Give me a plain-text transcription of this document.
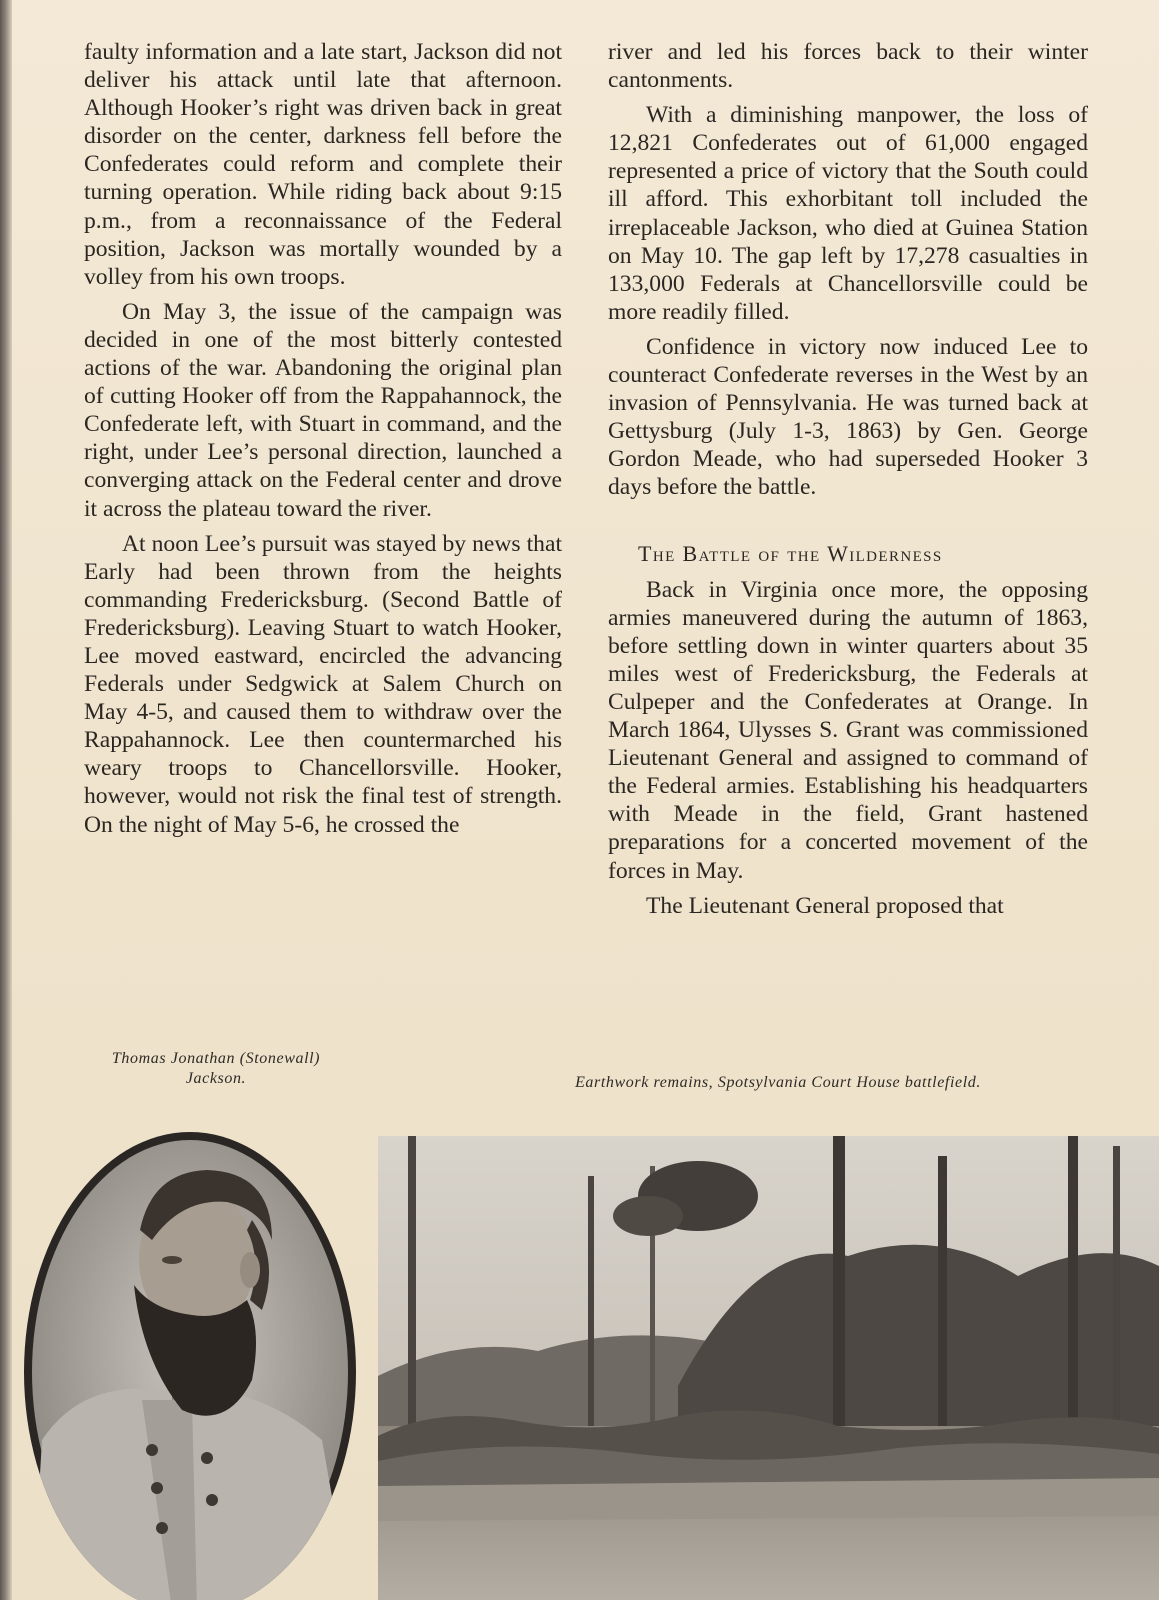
faulty information and a late start, Jackson did not deliver his attack until late that afternoon. Although Hooker’s right was driven back in great disorder on the center, darkness fell before the Confederates could reform and complete their turning operation. While riding back about 9:15 p.m., from a reconnaissance of the Federal position, Jackson was mortally wounded by a volley from his own troops.

On May 3, the issue of the campaign was decided in one of the most bitterly contested actions of the war. Abandoning the original plan of cutting Hooker off from the Rappahannock, the Confederate left, with Stuart in command, and the right, under Lee’s personal direction, launched a converging attack on the Federal center and drove it across the plateau toward the river.

At noon Lee’s pursuit was stayed by news that Early had been thrown from the heights commanding Fredericksburg. (Second Battle of Fredericksburg). Leaving Stuart to watch Hooker, Lee moved eastward, encircled the advancing Federals under Sedgwick at Salem Church on May 4-5, and caused them to withdraw over the Rappahannock. Lee then countermarched his weary troops to Chancellorsville. Hooker, however, would not risk the final test of strength. On the night of May 5-6, he crossed the

river and led his forces back to their winter cantonments.

With a diminishing manpower, the loss of 12,821 Confederates out of 61,000 engaged represented a price of victory that the South could ill afford. This exhorbitant toll included the irreplaceable Jackson, who died at Guinea Station on May 10. The gap left by 17,278 casualties in 133,000 Federals at Chancellorsville could be more readily filled.

Confidence in victory now induced Lee to counteract Confederate reverses in the West by an invasion of Pennsylvania. He was turned back at Gettysburg (July 1-3, 1863) by Gen. George Gordon Meade, who had superseded Hooker 3 days before the battle.

The Battle of the Wilderness

Back in Virginia once more, the opposing armies maneuvered during the autumn of 1863, before settling down in winter quarters about 35 miles west of Fredericksburg, the Federals at Culpeper and the Confederates at Orange. In March 1864, Ulysses S. Grant was commissioned Lieutenant General and assigned to command of the Federal armies. Establishing his headquarters with Meade in the field, Grant hastened preparations for a concerted movement of the forces in May.

The Lieutenant General proposed that

Thomas Jonathan (Stonewall)
Jackson.	Earthwork remains, Spotsylvania Court House battlefield.
